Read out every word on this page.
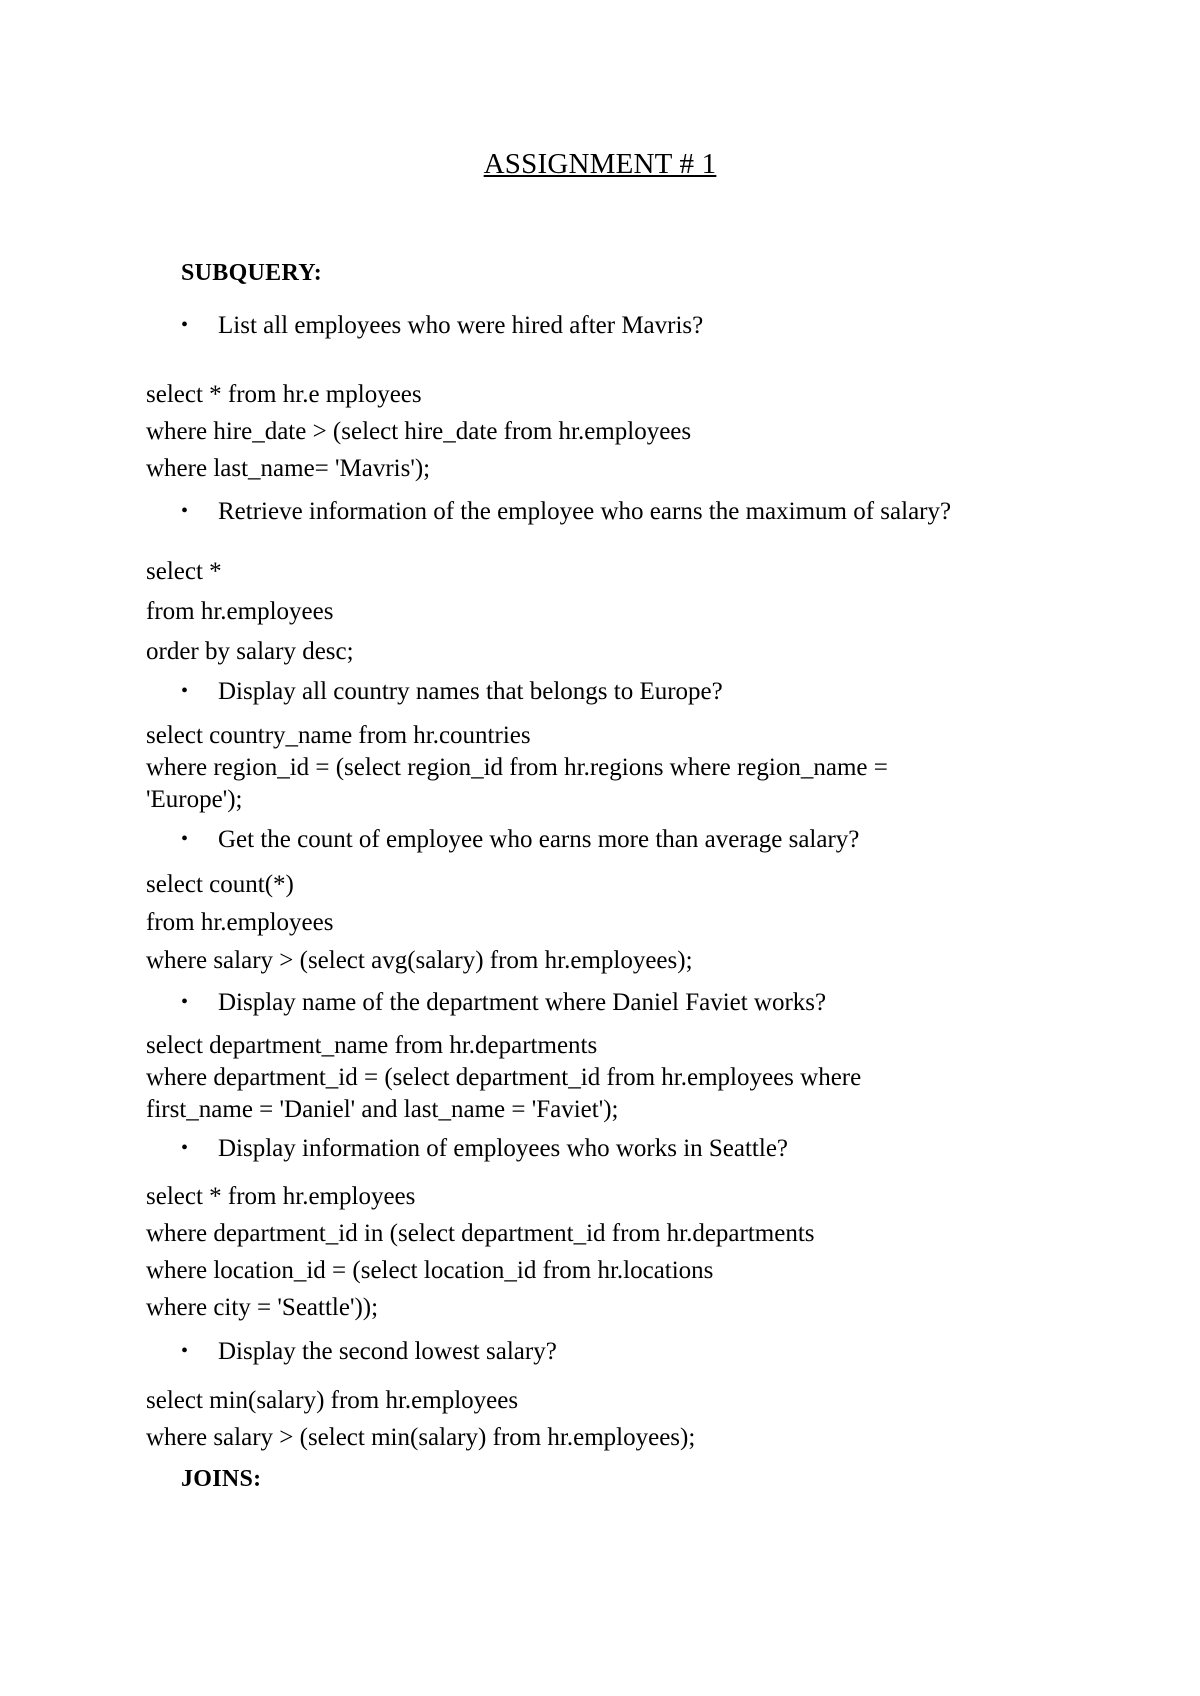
ASSIGNMENT # 1
SUBQUERY:
• List all employees who were hired after Mavris?
select * from hr.e mployees
where hire_date > (select hire_date from hr.employees
where last_name= 'Mavris');
• Retrieve information of the employee who earns the maximum of salary?
select *
from hr.employees
order by salary desc;
• Display all country names that belongs to Europe?
select country_name from hr.countries
where region_id = (select region_id from hr.regions where region_name =
'Europe');
• Get the count of employee who earns more than average salary?
select count(*)
from hr.employees
where salary > (select avg(salary) from hr.employees);
• Display name of the department where Daniel Faviet works?
select department_name from hr.departments
where department_id = (select department_id from hr.employees where
first_name = 'Daniel' and last_name = 'Faviet');
• Display information of employees who works in Seattle?
select * from hr.employees
where department_id in (select department_id from hr.departments
where location_id = (select location_id from hr.locations
where city = 'Seattle'));
• Display the second lowest salary?
select min(salary) from hr.employees
where salary > (select min(salary) from hr.employees);
JOINS:
